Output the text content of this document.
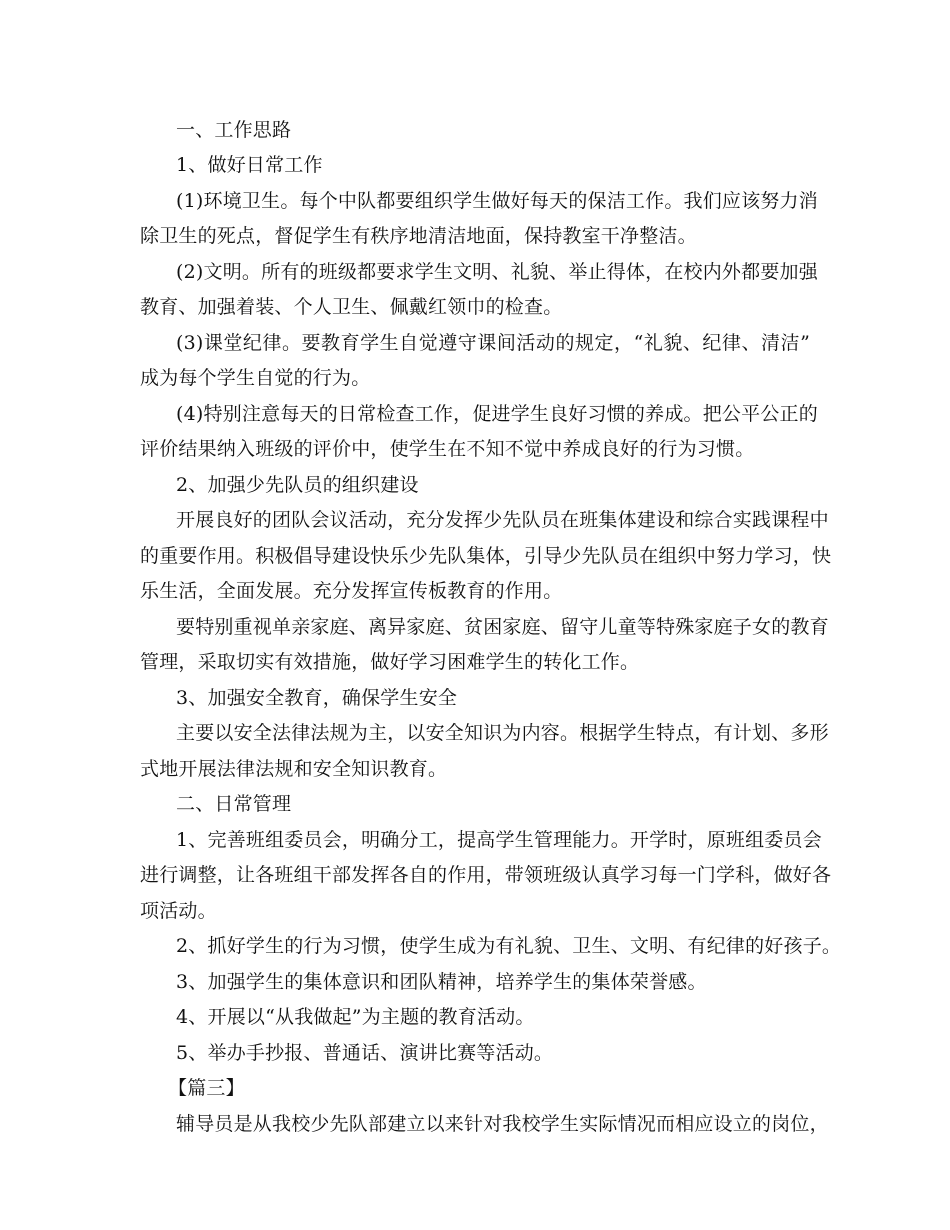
一、工作思路
1、做好日常工作
(1)环境卫生。每个中队都要组织学生做好每天的保洁工作。我们应该努力消
除卫生的死点，督促学生有秩序地清洁地面，保持教室干净整洁。
(2)文明。所有的班级都要求学生文明、礼貌、举止得体，在校内外都要加强
教育、加强着装、个人卫生、佩戴红领巾的检查。
(3)课堂纪律。要教育学生自觉遵守课间活动的规定，“礼貌、纪律、清洁”
成为每个学生自觉的行为。
(4)特别注意每天的日常检查工作，促进学生良好习惯的养成。把公平公正的
评价结果纳入班级的评价中，使学生在不知不觉中养成良好的行为习惯。
2、加强少先队员的组织建设
开展良好的团队会议活动，充分发挥少先队员在班集体建设和综合实践课程中
的重要作用。积极倡导建设快乐少先队集体，引导少先队员在组织中努力学习，快
乐生活，全面发展。充分发挥宣传板教育的作用。
要特别重视单亲家庭、离异家庭、贫困家庭、留守儿童等特殊家庭子女的教育
管理，采取切实有效措施，做好学习困难学生的转化工作。
3、加强安全教育，确保学生安全
主要以安全法律法规为主，以安全知识为内容。根据学生特点，有计划、多形
式地开展法律法规和安全知识教育。
二、日常管理
1、完善班组委员会，明确分工，提高学生管理能力。开学时，原班组委员会
进行调整，让各班组干部发挥各自的作用，带领班级认真学习每一门学科，做好各
项活动。
2、抓好学生的行为习惯，使学生成为有礼貌、卫生、文明、有纪律的好孩子。
3、加强学生的集体意识和团队精神，培养学生的集体荣誉感。
4、开展以“从我做起”为主题的教育活动。
5、举办手抄报、普通话、演讲比赛等活动。
【篇三】
辅导员是从我校少先队部建立以来针对我校学生实际情况而相应设立的岗位，
